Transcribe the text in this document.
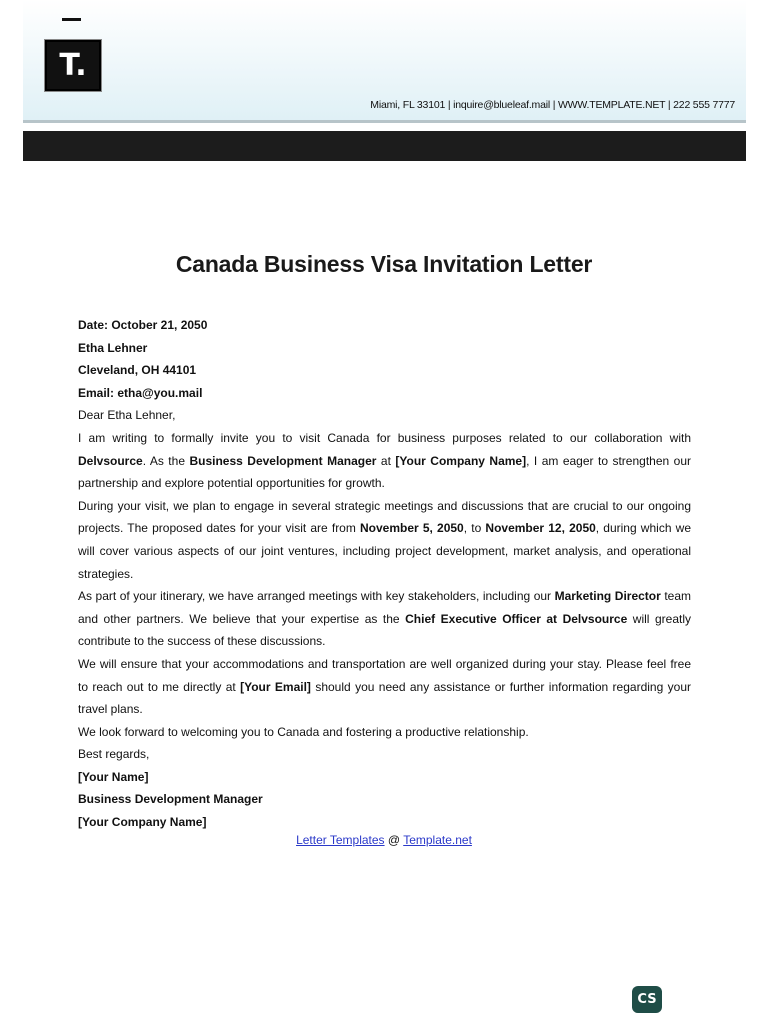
T.
Miami, FL 33101 | inquire@blueleaf.mail | WWW.TEMPLATE.NET | 222 555 7777
Canada Business Visa Invitation Letter

Date: October 21, 2050

Etha Lehner

Cleveland, OH 44101

Email: etha@you.mail

Dear Etha Lehner,

I am writing to formally invite you to visit Canada for business purposes related to our collaboration with Delvsource. As the Business Development Manager at [Your Company Name], I am eager to strengthen our partnership and explore potential opportunities for growth.

During your visit, we plan to engage in several strategic meetings and discussions that are crucial to our ongoing projects. The proposed dates for your visit are from November 5, 2050, to November 12, 2050, during which we will cover various aspects of our joint ventures, including project development, market analysis, and operational strategies.

As part of your itinerary, we have arranged meetings with key stakeholders, including our Marketing Director team and other partners. We believe that your expertise as the Chief Executive Officer at Delvsource will greatly contribute to the success of these discussions.

We will ensure that your accommodations and transportation are well organized during your stay. Please feel free to reach out to me directly at [Your Email] should you need any assistance or further information regarding your travel plans.

We look forward to welcoming you to Canada and fostering a productive relationship.

Best regards,

[Your Name]

Business Development Manager

[Your Company Name]

Letter Templates @ Template.net
CS
